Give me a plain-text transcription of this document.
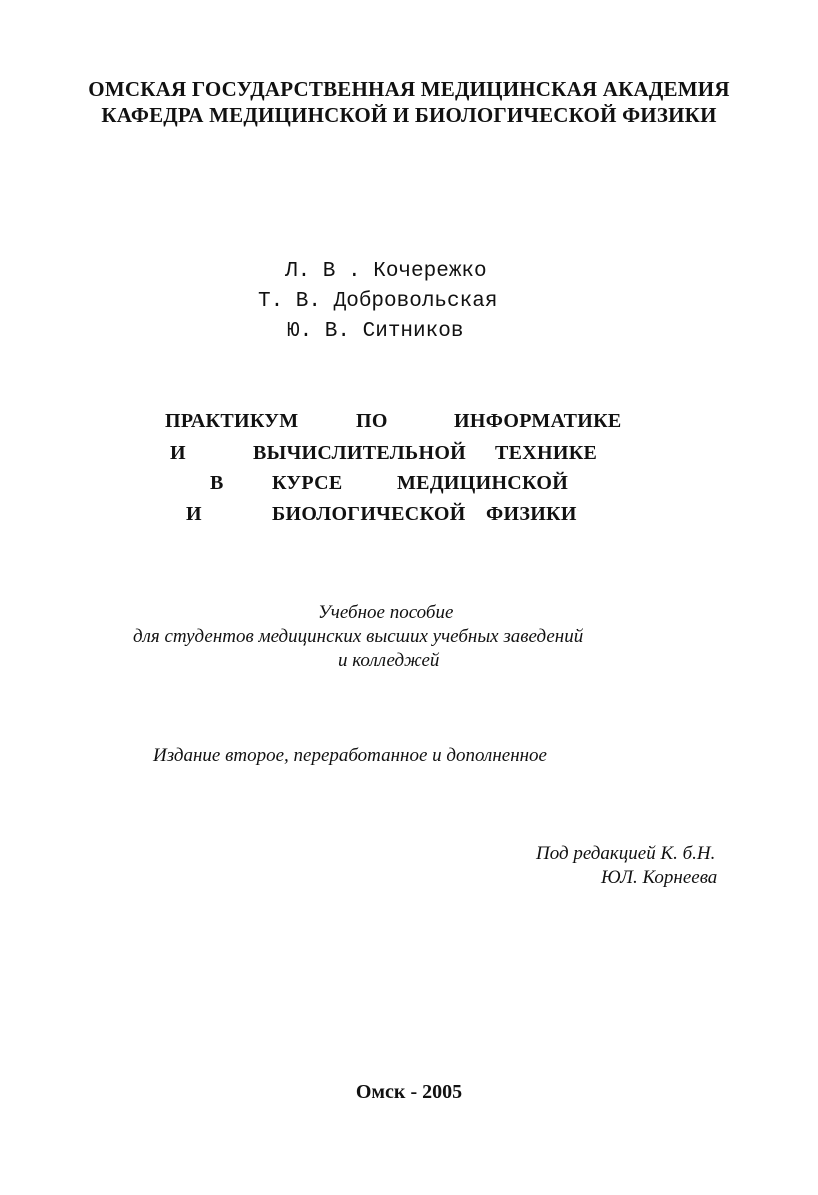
ОМСКАЯ ГОСУДАРСТВЕННАЯ МЕДИЦИНСКАЯ АКАДЕМИЯ
КАФЕДРА МЕДИЦИНСКОЙ И БИОЛОГИЧЕСКОЙ ФИЗИКИ
Л. В . Кочережко
Т. В. Добровольская
Ю. В. Ситников
ПРАКТИКУМ	ПО	ИНФОРМАТИКЕ
И	ВЫЧИСЛИТЕЛЬНОЙ ТЕХНИКЕ
В КУРСЕ	МЕДИЦИНСКОЙ
И	БИОЛОГИЧЕСКОЙ ФИЗИКИ
Учебное пособие
для студентов медицинских высших учебных заведений
и колледжей
Издание второе, переработанное и дополненное
Под редакцией К. б.Н.
ЮЛ. Корнеева
Омск - 2005
